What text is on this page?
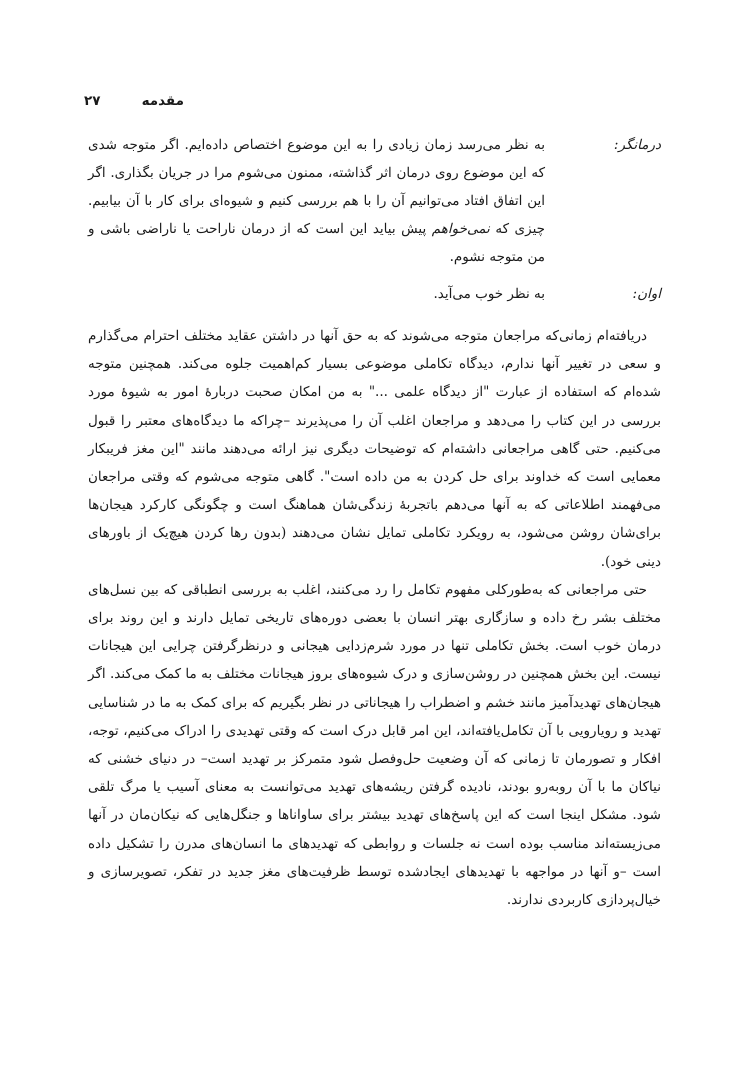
مقدمه
۲۷
درمانگر:
به نظر می‌رسد زمان زیادی را به این موضوع اختصاص داده‌ایم. اگر متوجه شدی که این موضوع روی درمان اثر گذاشته، ممنون می‌شوم مرا در جریان بگذاری. اگر این اتفاق افتاد می‌توانیم آن را با هم بررسی کنیم و شیوه‌ای برای کار با آن بیابیم. چیزی که نمی‌خواهم پیش بیاید این است که از درمان ناراحت یا ناراضی باشی و من متوجه نشوم.
اوان:
به نظر خوب می‌آید.

دریافته‌ام زمانی‌که مراجعان متوجه می‌شوند که به حق آنها در داشتن عقاید مختلف احترام می‌گذارم و سعی در تغییر آنها ندارم، دیدگاه تکاملی موضوعی بسیار کم‌اهمیت جلوه می‌کند. همچنین متوجه شده‌ام که استفاده از عبارت "از دیدگاه علمی ..." به من امکان صحبت دربارهٔ امور به شیوهٔ مورد بررسی در این کتاب را می‌دهد و مراجعان اغلب آن را می‌پذیرند –چراکه ما دیدگاه‌های معتبر را قبول می‌کنیم. حتی گاهی مراجعانی داشته‌ام که توضیحات دیگری نیز ارائه می‌دهند مانند "این مغز فریبکار معمایی است که خداوند برای حل کردن به من داده است". گاهی متوجه می‌شوم که وقتی مراجعان می‌فهمند اطلاعاتی که به آنها می‌دهم باتجربهٔ زندگی‌شان هماهنگ است و چگونگی کارکرد هیجان‌ها برای‌شان روشن می‌شود، به رویکرد تکاملی تمایل نشان می‌دهند (بدون رها کردن هیچ‌یک از باورهای دینی خود).

حتی مراجعانی که به‌طورکلی مفهوم تکامل را رد می‌کنند، اغلب به بررسی انطباقی که بین نسل‌های مختلف بشر رخ داده و سازگاری بهتر انسان با بعضی دوره‌های تاریخی تمایل دارند و این روند برای درمان خوب است. بخش تکاملی تنها در مورد شرم‌زدایی هیجانی و درنظرگرفتن چرایی این هیجانات نیست. این بخش همچنین در روشن‌سازی و درک شیوه‌های بروز هیجانات مختلف به ما کمک می‌کند. اگر هیجان‌های تهدیدآمیز مانند خشم و اضطراب را هیجاناتی در نظر بگیریم که برای کمک به ما در شناسایی تهدید و رویارویی با آن تکامل‌یافته‌اند، این امر قابل درک است که وقتی تهدیدی را ادراک می‌کنیم، توجه، افکار و تصورمان تا زمانی که آن وضعیت حل‌وفصل شود متمرکز بر تهدید است– در دنیای خشنی که نیاکان ما با آن روبه‌رو بودند، نادیده گرفتن ریشه‌های تهدید می‌توانست به معنای آسیب یا مرگ تلقی شود. مشکل اینجا است که این پاسخ‌های تهدید بیشتر برای ساواناها و جنگل‌هایی که نیکان‌مان در آنها می‌زیسته‌اند مناسب بوده است نه جلسات و روابطی که تهدیدهای ما انسان‌های مدرن را تشکیل داده است –و آنها در مواجهه با تهدیدهای ایجادشده توسط ظرفیت‌های مغز جدید در تفکر، تصویرسازی و خیال‌پردازی کاربردی ندارند.
